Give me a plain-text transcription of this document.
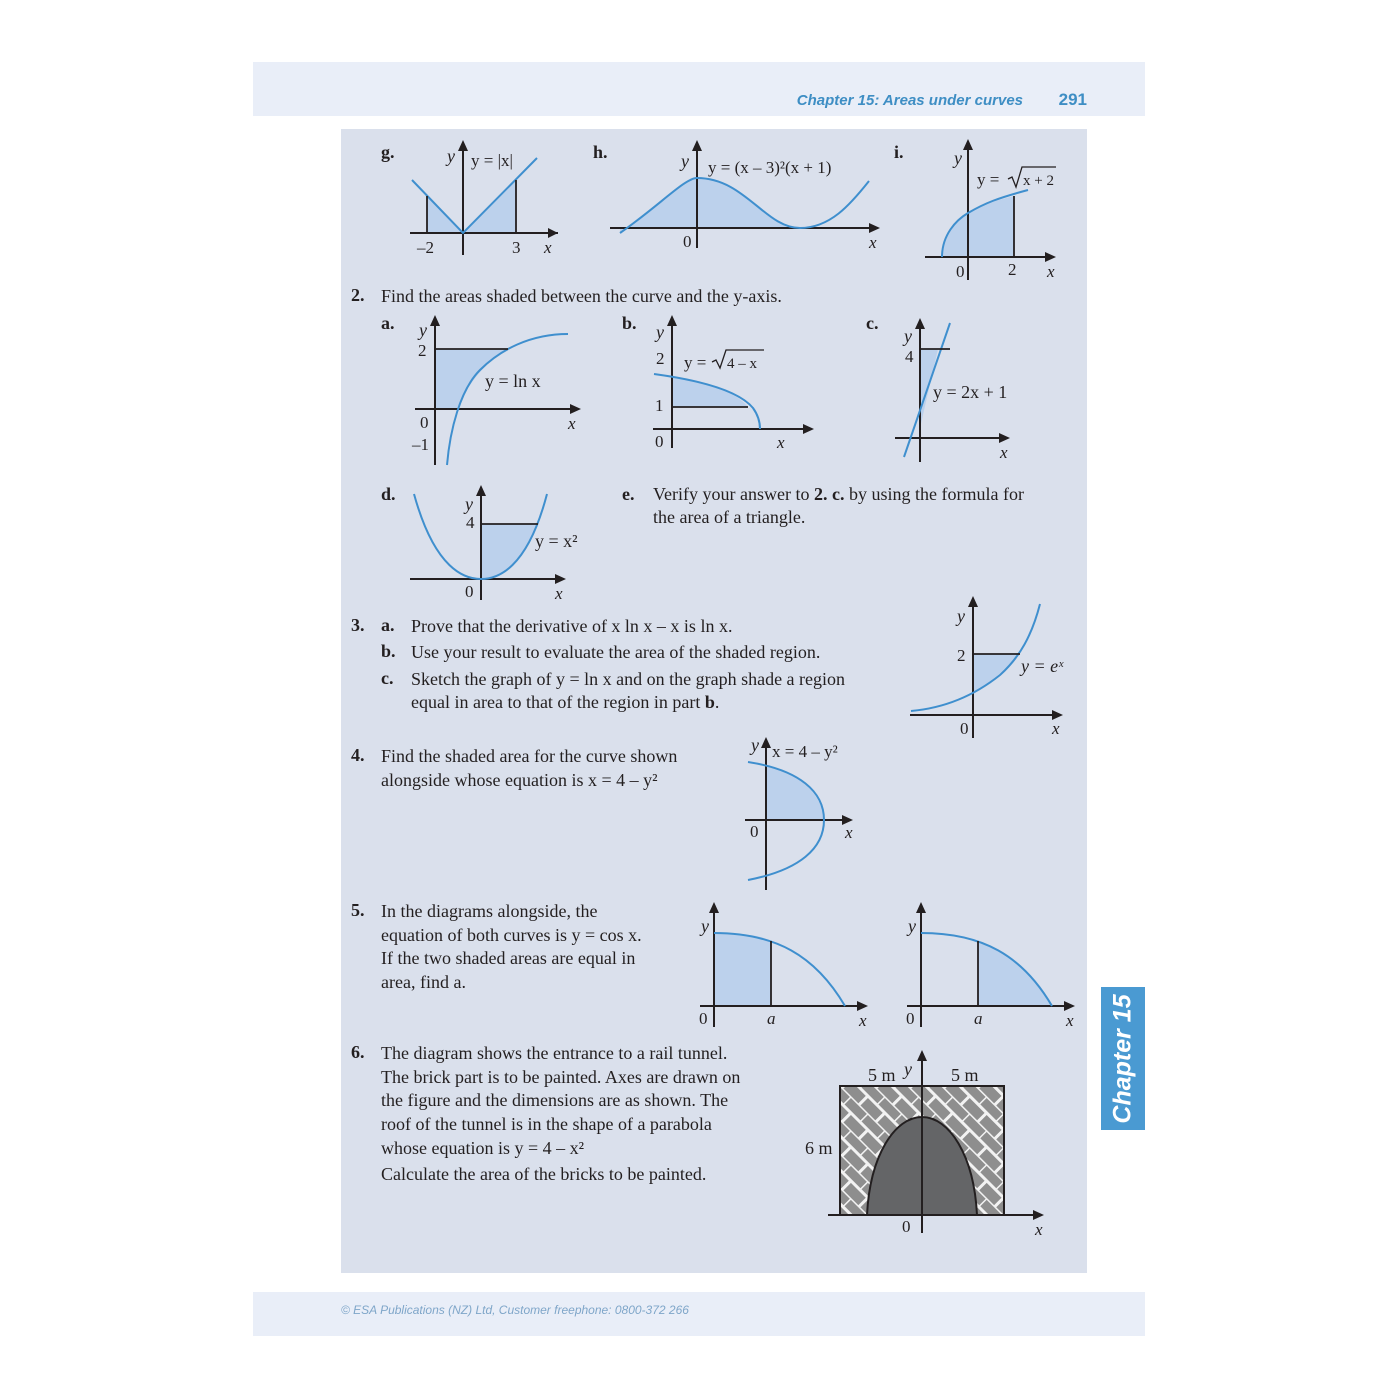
Chapter 15: Areas under curves 291
Chapter 15
© ESA Publications (NZ) Ltd, Customer freephone: 0800-372 266
g.	y y = |x|
–2	3 x
h.	y y = (x – 3)²(x + 1)
0	x
i.	y
y = x + 2
0	2 x
2. Find the areas shaded between the curve and the y-axis.
a. y
2
y = ln x
0
–1
x
b. y
2 y = 4 – x
1
0	x
c.
y
4
y = 2x + 1
x
d.	y
4
y = x²
0	x
e. Verify your answer to 2. c. by using the formula for
the area of a triangle.
3. a. Prove that the derivative of x ln x – x is ln x.
b. Use your result to evaluate the area of the shaded region.
c. Sketch the graph of y = ln x and on the graph shade a region
equal in area to that of the region in part b.
y
2
y = eˣ
0	x
4. Find the shaded area for the curve shown
alongside whose equation is x = 4 – y²
y x = 4 – y²
0	x
5. In the diagrams alongside, the
equation of both curves is y = cos x.
If the two shaded areas are equal in
area, find a.
y
0	a	x
y
0	a	x
6. The diagram shows the entrance to a rail tunnel.
The brick part is to be painted. Axes are drawn on
the figure and the dimensions are as shown. The
roof of the tunnel is in the shape of a parabola
whose equation is y = 4 – x²
Calculate the area of the bricks to be painted.
5 m y 5 m
6 m
0	x
